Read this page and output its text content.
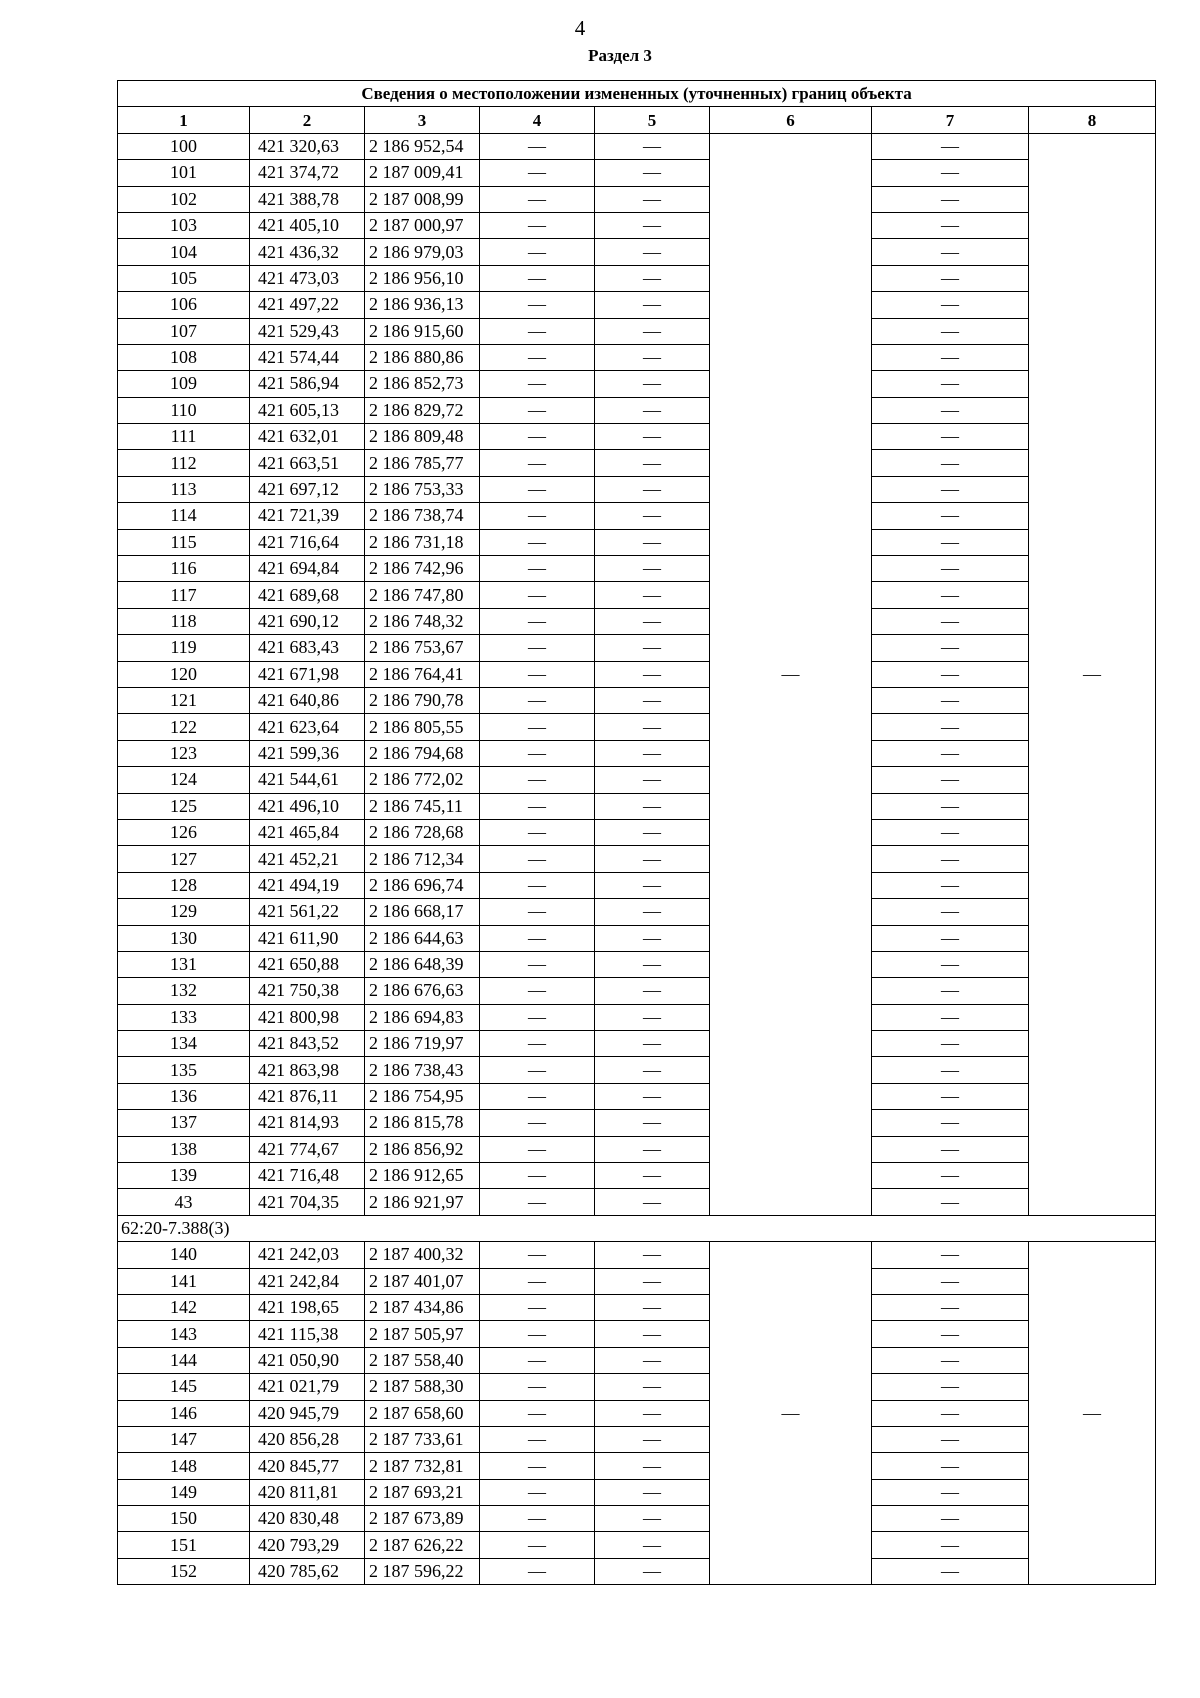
4
Раздел 3
Сведения о местоположении измененных (уточненных) границ объекта							
1	2	3	4	5	6	7	8
100	421 320,63	2 186 952,54	—	—	—	—	—
101	421 374,72	2 187 009,41	—	—		—	
102	421 388,78	2 187 008,99	—	—		—	
103	421 405,10	2 187 000,97	—	—		—	
104	421 436,32	2 186 979,03	—	—		—	
105	421 473,03	2 186 956,10	—	—		—	
106	421 497,22	2 186 936,13	—	—		—	
107	421 529,43	2 186 915,60	—	—		—	
108	421 574,44	2 186 880,86	—	—		—	
109	421 586,94	2 186 852,73	—	—		—	
110	421 605,13	2 186 829,72	—	—		—	
111	421 632,01	2 186 809,48	—	—		—	
112	421 663,51	2 186 785,77	—	—		—	
113	421 697,12	2 186 753,33	—	—		—	
114	421 721,39	2 186 738,74	—	—		—	
115	421 716,64	2 186 731,18	—	—		—	
116	421 694,84	2 186 742,96	—	—		—	
117	421 689,68	2 186 747,80	—	—		—	
118	421 690,12	2 186 748,32	—	—		—	
119	421 683,43	2 186 753,67	—	—		—	
120	421 671,98	2 186 764,41	—	—		—	
121	421 640,86	2 186 790,78	—	—		—	
122	421 623,64	2 186 805,55	—	—		—	
123	421 599,36	2 186 794,68	—	—		—	
124	421 544,61	2 186 772,02	—	—		—	
125	421 496,10	2 186 745,11	—	—		—	
126	421 465,84	2 186 728,68	—	—		—	
127	421 452,21	2 186 712,34	—	—		—	
128	421 494,19	2 186 696,74	—	—		—	
129	421 561,22	2 186 668,17	—	—		—	
130	421 611,90	2 186 644,63	—	—		—	
131	421 650,88	2 186 648,39	—	—		—	
132	421 750,38	2 186 676,63	—	—		—	
133	421 800,98	2 186 694,83	—	—		—	
134	421 843,52	2 186 719,97	—	—		—	
135	421 863,98	2 186 738,43	—	—		—	
136	421 876,11	2 186 754,95	—	—		—	
137	421 814,93	2 186 815,78	—	—		—	
138	421 774,67	2 186 856,92	—	—		—	
139	421 716,48	2 186 912,65	—	—		—	
43	421 704,35	2 186 921,97	—	—		—	
62:20-7.388(3)							
140	421 242,03	2 187 400,32	—	—	—	—	—
141	421 242,84	2 187 401,07	—	—		—	
142	421 198,65	2 187 434,86	—	—		—	
143	421 115,38	2 187 505,97	—	—		—	
144	421 050,90	2 187 558,40	—	—		—	
145	421 021,79	2 187 588,30	—	—		—	
146	420 945,79	2 187 658,60	—	—		—	
147	420 856,28	2 187 733,61	—	—		—	
148	420 845,77	2 187 732,81	—	—		—	
149	420 811,81	2 187 693,21	—	—		—	
150	420 830,48	2 187 673,89	—	—		—	
151	420 793,29	2 187 626,22	—	—		—	
152	420 785,62	2 187 596,22	—	—		—	
